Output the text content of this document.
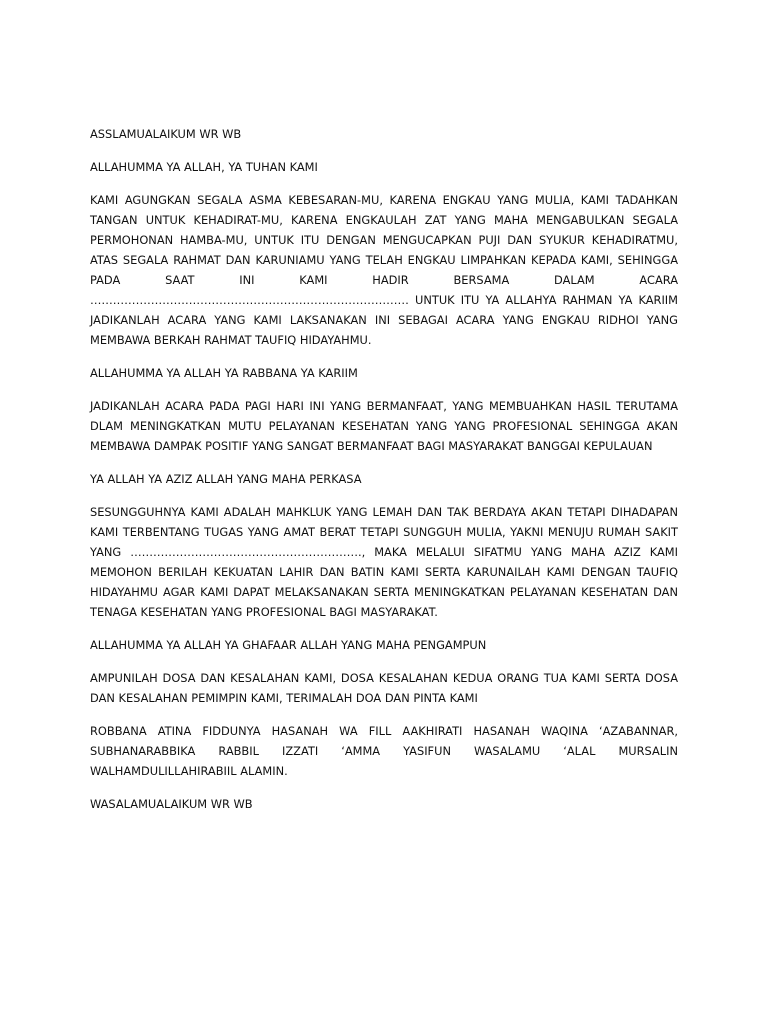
ASSLAMUALAIKUM WR WB

ALLAHUMMA YA ALLAH, YA TUHAN KAMI

KAMI AGUNGKAN SEGALA ASMA KEBESARAN-MU, KARENA ENGKAU YANG MULIA, KAMI TADAHKAN TANGAN UNTUK KEHADIRAT-MU, KARENA ENGKAULAH ZAT YANG MAHA MENGABULKAN SEGALA PERMOHONAN HAMBA-MU, UNTUK ITU DENGAN MENGUCAPKAN PUJI DAN SYUKUR KEHADIRATMU, ATAS SEGALA RAHMAT DAN KARUNIAMU YANG TELAH ENGKAU LIMPAHKAN KEPADA KAMI, SEHINGGA PADA SAAT INI KAMI HADIR BERSAMA DALAM ACARA ………………………………………………………………………… UNTUK ITU YA ALLAHYA RAHMAN YA KARIIM JADIKANLAH ACARA YANG KAMI LAKSANAKAN INI SEBAGAI ACARA YANG ENGKAU RIDHOI YANG MEMBAWA BERKAH RAHMAT TAUFIQ HIDAYAHMU.

ALLAHUMMA YA ALLAH YA RABBANA YA KARIIM

JADIKANLAH ACARA PADA PAGI HARI INI YANG BERMANFAAT, YANG MEMBUAHKAN HASIL TERUTAMA DLAM MENINGKATKAN MUTU PELAYANAN KESEHATAN YANG YANG PROFESIONAL SEHINGGA AKAN MEMBAWA DAMPAK POSITIF YANG SANGAT BERMANFAAT BAGI MASYARAKAT BANGGAI KEPULAUAN

YA ALLAH YA AZIZ ALLAH YANG MAHA PERKASA

SESUNGGUHNYA KAMI ADALAH MAHKLUK YANG LEMAH DAN TAK BERDAYA AKAN TETAPI DIHADAPAN KAMI TERBENTANG TUGAS YANG AMAT BERAT TETAPI SUNGGUH MULIA, YAKNI MENUJU RUMAH SAKIT YANG ……………………………………………………., MAKA MELALUI SIFATMU YANG MAHA AZIZ KAMI MEMOHON BERILAH KEKUATAN LAHIR DAN BATIN KAMI SERTA KARUNAILAH KAMI DENGAN TAUFIQ HIDAYAHMU AGAR KAMI DAPAT MELAKSANAKAN SERTA MENINGKATKAN PELAYANAN KESEHATAN DAN TENAGA KESEHATAN YANG PROFESIONAL BAGI MASYARAKAT.

ALLAHUMMA YA ALLAH YA GHAFAAR ALLAH YANG MAHA PENGAMPUN

AMPUNILAH DOSA DAN KESALAHAN KAMI, DOSA KESALAHAN KEDUA ORANG TUA KAMI SERTA DOSA DAN KESALAHAN PEMIMPIN KAMI, TERIMALAH DOA DAN PINTA KAMI

ROBBANA ATINA FIDDUNYA HASANAH WA FILL AAKHIRATI HASANAH WAQINA ‘AZABANNAR, SUBHANARABBIKA RABBIL IZZATI ‘AMMA YASIFUN WASALAMU ‘ALAL MURSALIN WALHAMDULILLAHIRABIIL ALAMIN.

WASALAMUALAIKUM WR WB
